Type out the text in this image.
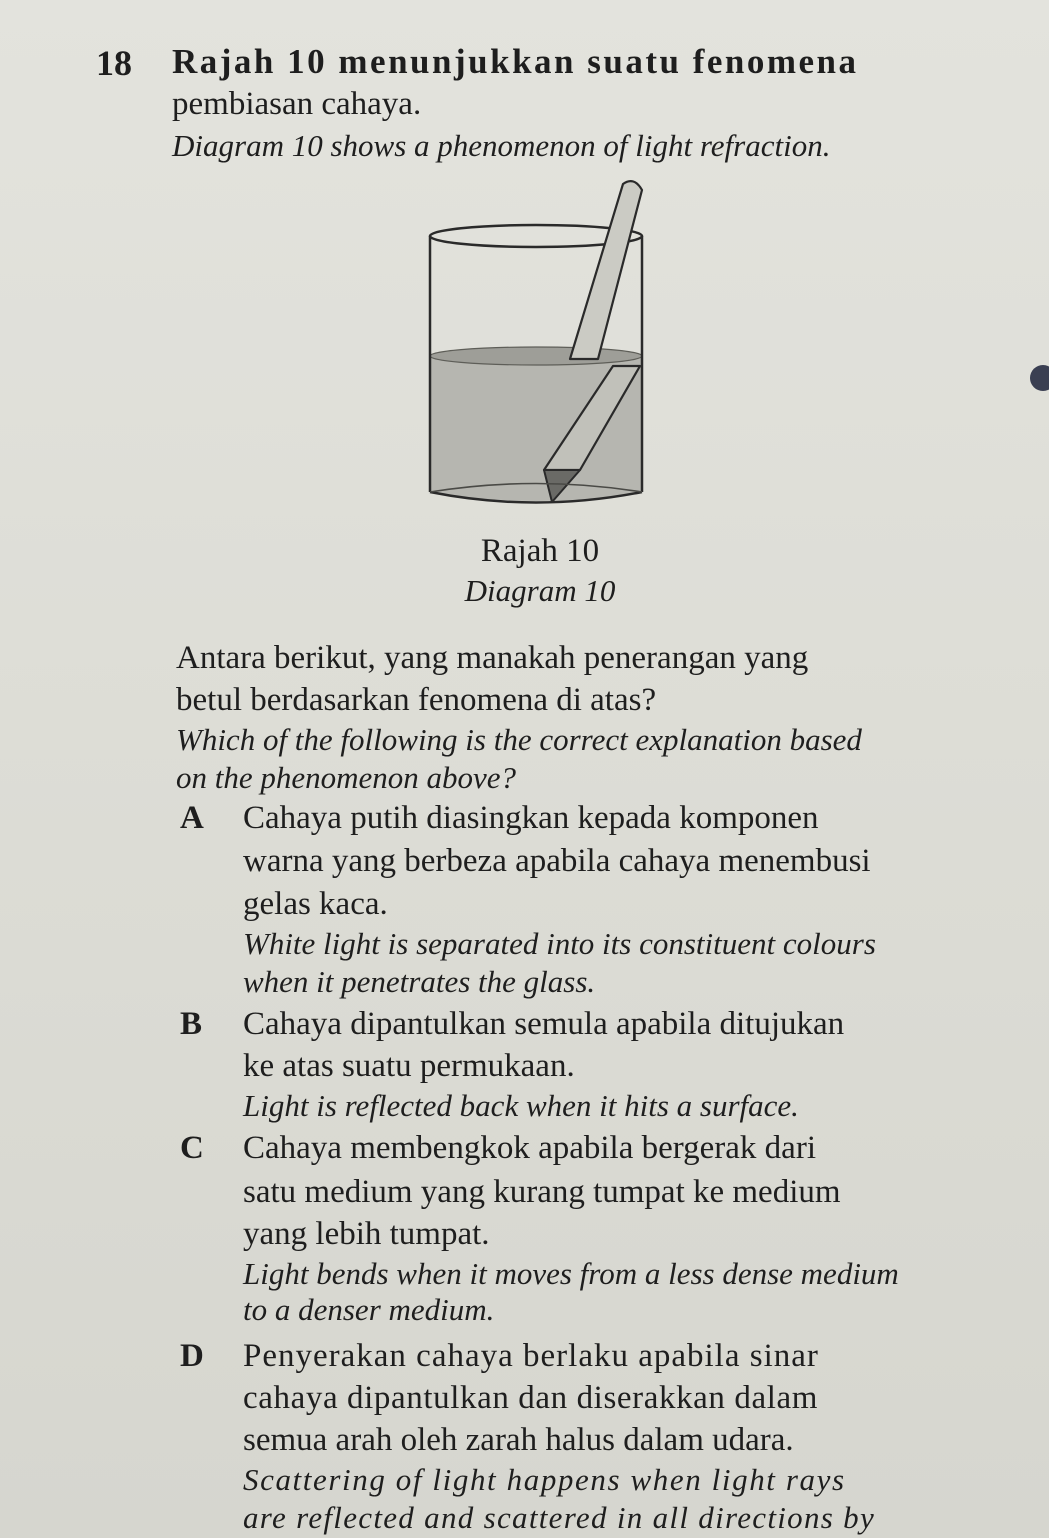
18 Rajah 10 menunjukkan suatu fenomena
pembiasan cahaya.
Diagram 10 shows a phenomenon of light refraction.
Rajah 10
Diagram 10
Antara berikut, yang manakah penerangan yang
betul berdasarkan fenomena di atas?
Which of the following is the correct explanation based
on the phenomenon above?
A Cahaya putih diasingkan kepada komponen
warna yang berbeza apabila cahaya menembusi
gelas kaca.
White light is separated into its constituent colours
when it penetrates the glass.
B Cahaya dipantulkan semula apabila ditujukan
ke atas suatu permukaan.
Light is reflected back when it hits a surface.
C Cahaya membengkok apabila bergerak dari
satu medium yang kurang tumpat ke medium
yang lebih tumpat.
Light bends when it moves from a less dense medium
to a denser medium.
D Penyerakan cahaya berlaku apabila sinar
cahaya dipantulkan dan diserakkan dalam
semua arah oleh zarah halus dalam udara.
Scattering of light happens when light rays
are reflected and scattered in all directions by
